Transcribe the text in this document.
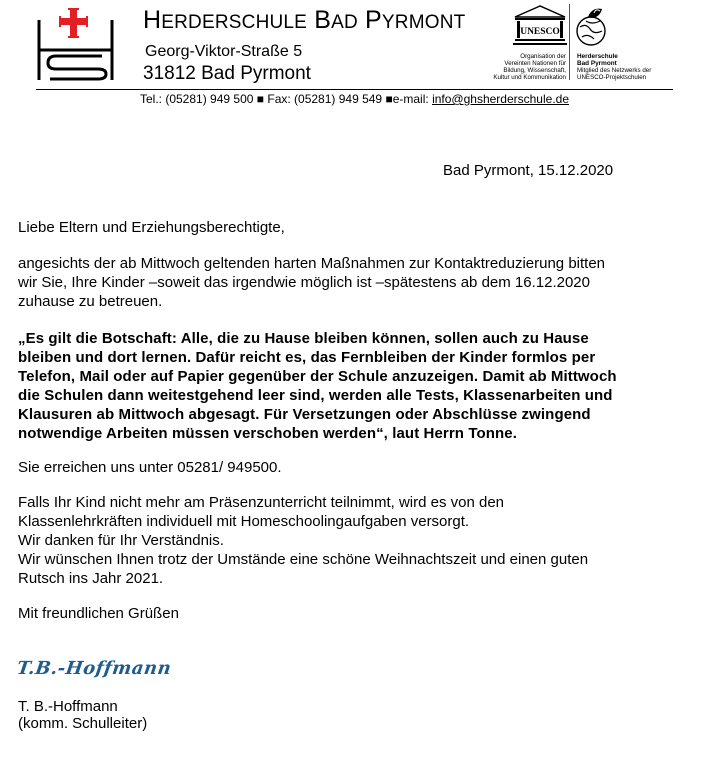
HERDERSCHULE BAD PYRMONT
Georg-Viktor-Straße 5
31812 Bad Pyrmont
UNESCO
Organisation der
Vereinten Nationen für
Bildung, Wissenschaft,
Kultur und Kommunikation
Herderschule
Bad Pyrmont
Mitglied des Netzwerks der
UNESCO-Projektschulen
Tel.: (05281) 949 500 ■ Fax: (05281) 949 549 ■e-mail: info@ghsherderschule.de
Bad Pyrmont, 15.12.2020

Liebe Eltern und Erziehungsberechtigte,

angesichts der ab Mittwoch geltenden harten Maßnahmen zur Kontaktreduzierung bitten
wir Sie, Ihre Kinder –soweit das irgendwie möglich ist –spätestens ab dem 16.12.2020
zuhause zu betreuen.
„Es gilt die Botschaft: Alle, die zu Hause bleiben können, sollen auch zu Hause
bleiben und dort lernen. Dafür reicht es, das Fernbleiben der Kinder formlos per
Telefon, Mail oder auf Papier gegenüber der Schule anzuzeigen. Damit ab Mittwoch
die Schulen dann weitestgehend leer sind, werden alle Tests, Klassenarbeiten und
Klausuren ab Mittwoch abgesagt. Für Versetzungen oder Abschlüsse zwingend
notwendige Arbeiten müssen verschoben werden“, laut Herrn Tonne.

Sie erreichen uns unter 05281/ 949500.

Falls Ihr Kind nicht mehr am Präsenzunterricht teilnimmt, wird es von den
Klassenlehrkräften individuell mit Homeschoolingaufgaben versorgt.
Wir danken für Ihr Verständnis.
Wir wünschen Ihnen trotz der Umstände eine schöne Weihnachtszeit und einen guten
Rutsch ins Jahr 2021.

Mit freundlichen Grüßen

T.B.-Hoffmann

T. B.-Hoffmann

(komm. Schulleiter)
